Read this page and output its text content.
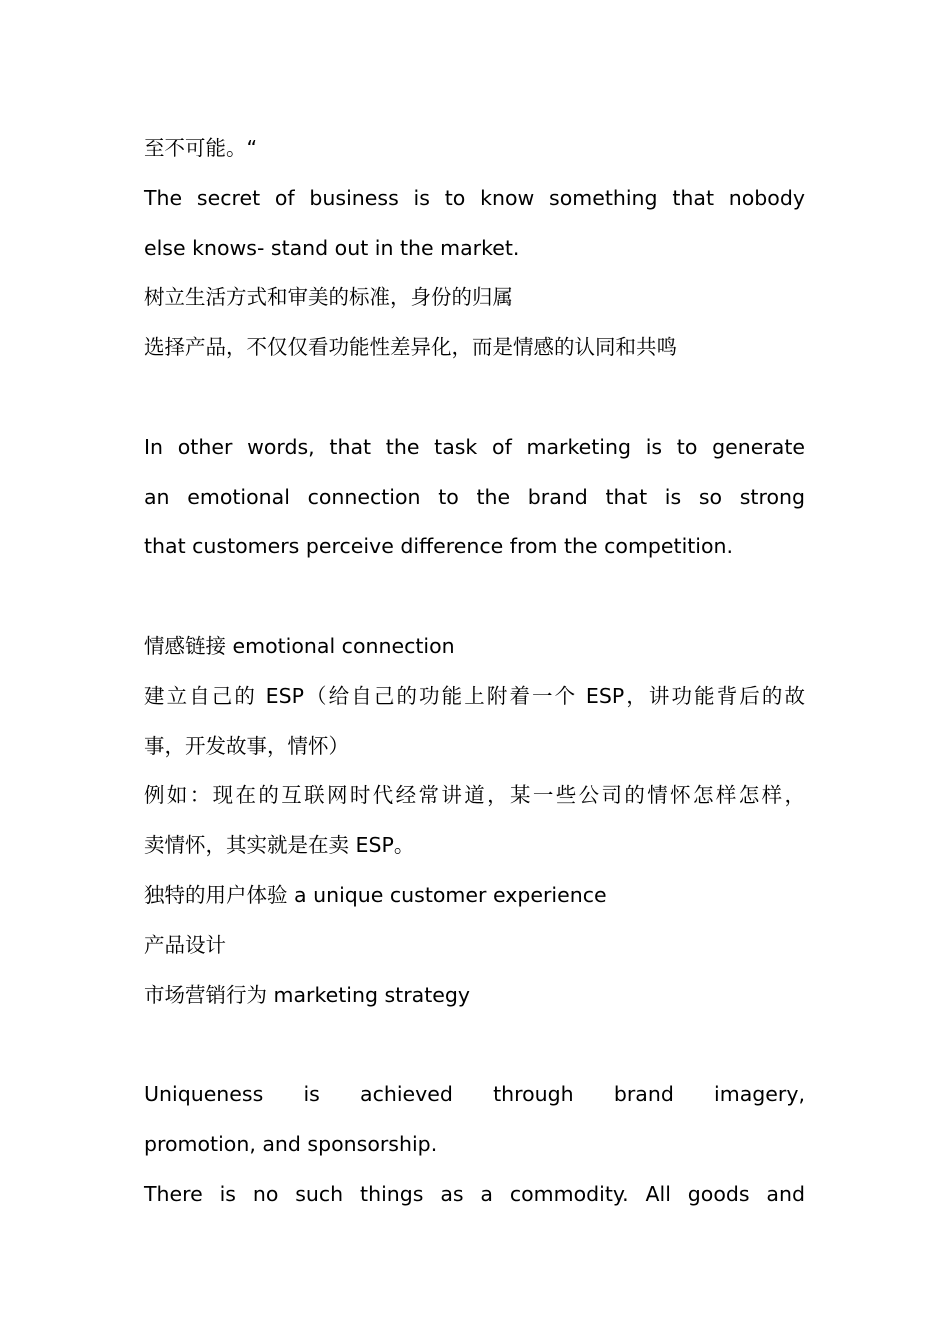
至不可能。“
The secret of business is to know something that nobody
else knows- stand out in the market.
树立生活方式和审美的标准，身份的归属
选择产品，不仅仅看功能性差异化，而是情感的认同和共鸣
In other words, that the task of marketing is to generate
an emotional connection to the brand that is so strong
that customers perceive difference from the competition.
情感链接 emotional connection
建立自己的 ESP（给自己的功能上附着一个 ESP，讲功能背后的故
事，开发故事，情怀）
例如：现在的互联网时代经常讲道，某一些公司的情怀怎样怎样，
卖情怀，其实就是在卖 ESP。
独特的用户体验 a unique customer experience
产品设计
市场营销行为 marketing strategy
Uniqueness is achieved through brand imagery,
promotion, and sponsorship.
There is no such things as a commodity. All goods and
